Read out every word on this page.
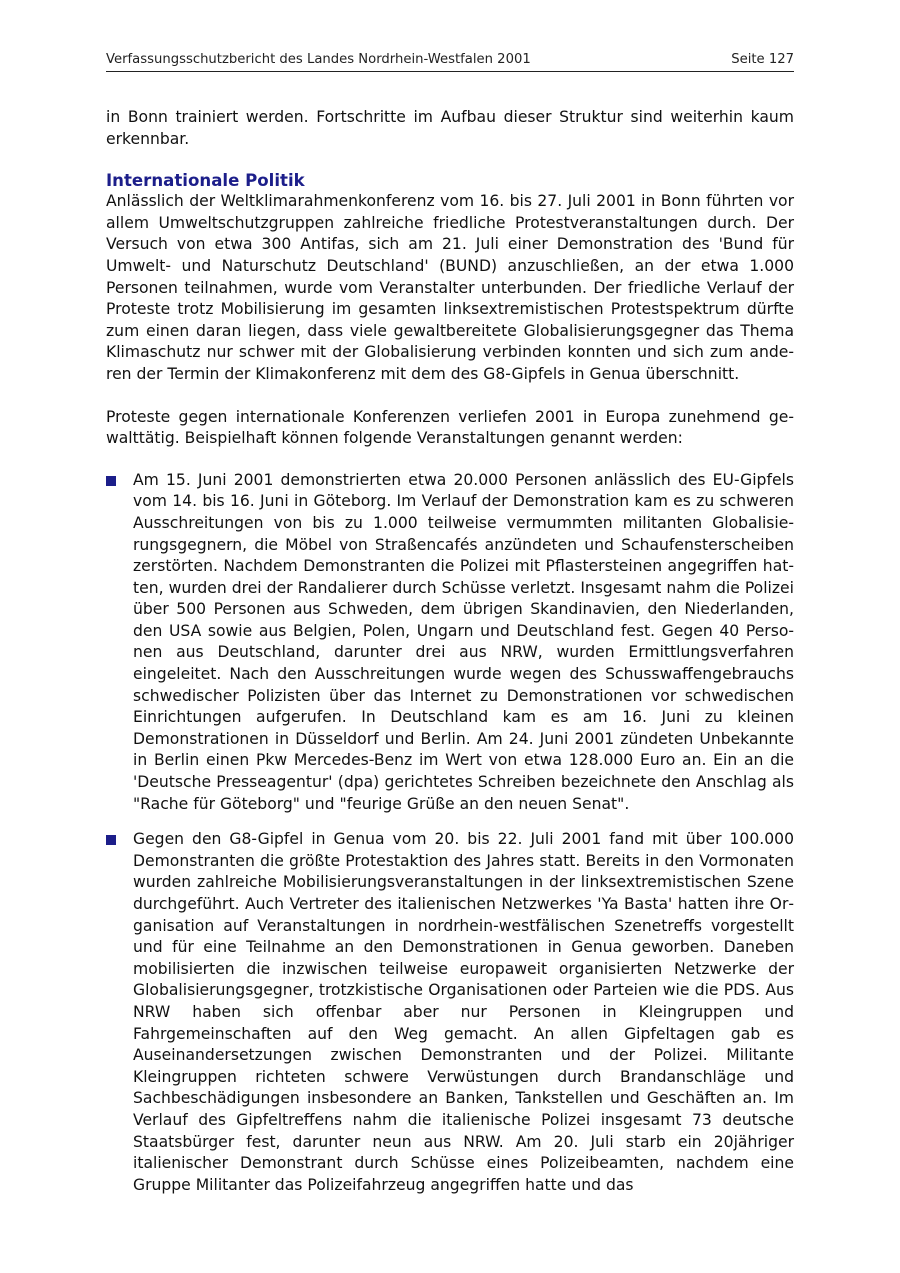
Verfassungsschutzbericht des Landes Nordrhein-Westfalen 2001	Seite 127

in Bonn trainiert werden. Fortschritte im Aufbau dieser Struktur sind weiterhin kaum erkennbar.

Internationale Politik

Anlässlich der Weltklimarahmenkonferenz vom 16. bis 27. Juli 2001 in Bonn führten vor allem Umweltschutzgruppen zahlreiche friedliche Protestveranstaltungen durch. Der Versuch von etwa 300 Antifas, sich am 21. Juli einer Demonstration des 'Bund für Umwelt- und Naturschutz Deutschland' (BUND) anzuschließen, an der etwa 1.000 Personen teilnahmen, wurde vom Veranstalter unterbunden. Der friedliche Verlauf der Proteste trotz Mobilisierung im gesamten linksextremistischen Protestspektrum dürfte zum einen daran liegen, dass viele gewaltbereitete Globalisierungsgegner das Thema Klimaschutz nur schwer mit der Globalisierung verbinden konnten und sich zum anderen der Termin der Klimakonferenz mit dem des G8-Gipfels in Genua überschnitt.

Proteste gegen internationale Konferenzen verliefen 2001 in Europa zunehmend gewalttätig. Beispielhaft können folgende Veranstaltungen genannt werden:

Am 15. Juni 2001 demonstrierten etwa 20.000 Personen anlässlich des EU-Gipfels vom 14. bis 16. Juni in Göteborg. Im Verlauf der Demonstration kam es zu schweren Ausschreitungen von bis zu 1.000 teilweise vermummten militanten Globalisierungsgegnern, die Möbel von Straßencafés anzündeten und Schaufensterscheiben zerstörten. Nachdem Demonstranten die Polizei mit Pflastersteinen angegriffen hatten, wurden drei der Randalierer durch Schüsse verletzt. Insgesamt nahm die Polizei über 500 Personen aus Schweden, dem übrigen Skandinavien, den Niederlanden, den USA sowie aus Belgien, Polen, Ungarn und Deutschland fest. Gegen 40 Personen aus Deutschland, darunter drei aus NRW, wurden Ermittlungsverfahren eingeleitet. Nach den Ausschreitungen wurde wegen des Schusswaffengebrauchs schwedischer Polizisten über das Internet zu Demonstrationen vor schwedischen Einrichtungen aufgerufen. In Deutschland kam es am 16. Juni zu kleinen Demonstrationen in Düsseldorf und Berlin. Am 24. Juni 2001 zündeten Unbekannte in Berlin einen Pkw Mercedes-Benz im Wert von etwa 128.000 Euro an. Ein an die 'Deutsche Presseagentur' (dpa) gerichtetes Schreiben bezeichnete den Anschlag als "Rache für Göteborg" und "feurige Grüße an den neuen Senat".
Gegen den G8-Gipfel in Genua vom 20. bis 22. Juli 2001 fand mit über 100.000 Demonstranten die größte Protestaktion des Jahres statt. Bereits in den Vormonaten wurden zahlreiche Mobilisierungsveranstaltungen in der linksextremistischen Szene durchgeführt. Auch Vertreter des italienischen Netzwerkes 'Ya Basta' hatten ihre Organisation auf Veranstaltungen in nordrhein-westfälischen Szenetreffs vorgestellt und für eine Teilnahme an den Demonstrationen in Genua geworben. Daneben mobilisierten die inzwischen teilweise europaweit organisierten Netzwerke der Globalisierungsgegner, trotzkistische Organisationen oder Parteien wie die PDS. Aus NRW haben sich offenbar aber nur Personen in Kleingruppen und Fahrgemeinschaften auf den Weg gemacht. An allen Gipfeltagen gab es Auseinandersetzungen zwischen Demonstranten und der Polizei. Militante Kleingruppen richteten schwere Verwüstungen durch Brandanschläge und Sachbeschädigungen insbesondere an Banken, Tankstellen und Geschäften an. Im Verlauf des Gipfeltreffens nahm die italienische Polizei insgesamt 73 deutsche Staatsbürger fest, darunter neun aus NRW. Am 20. Juli starb ein 20jähriger italienischer Demonstrant durch Schüsse eines Polizeibeamten, nachdem eine Gruppe Militanter das Polizeifahrzeug angegriffen hatte und das
